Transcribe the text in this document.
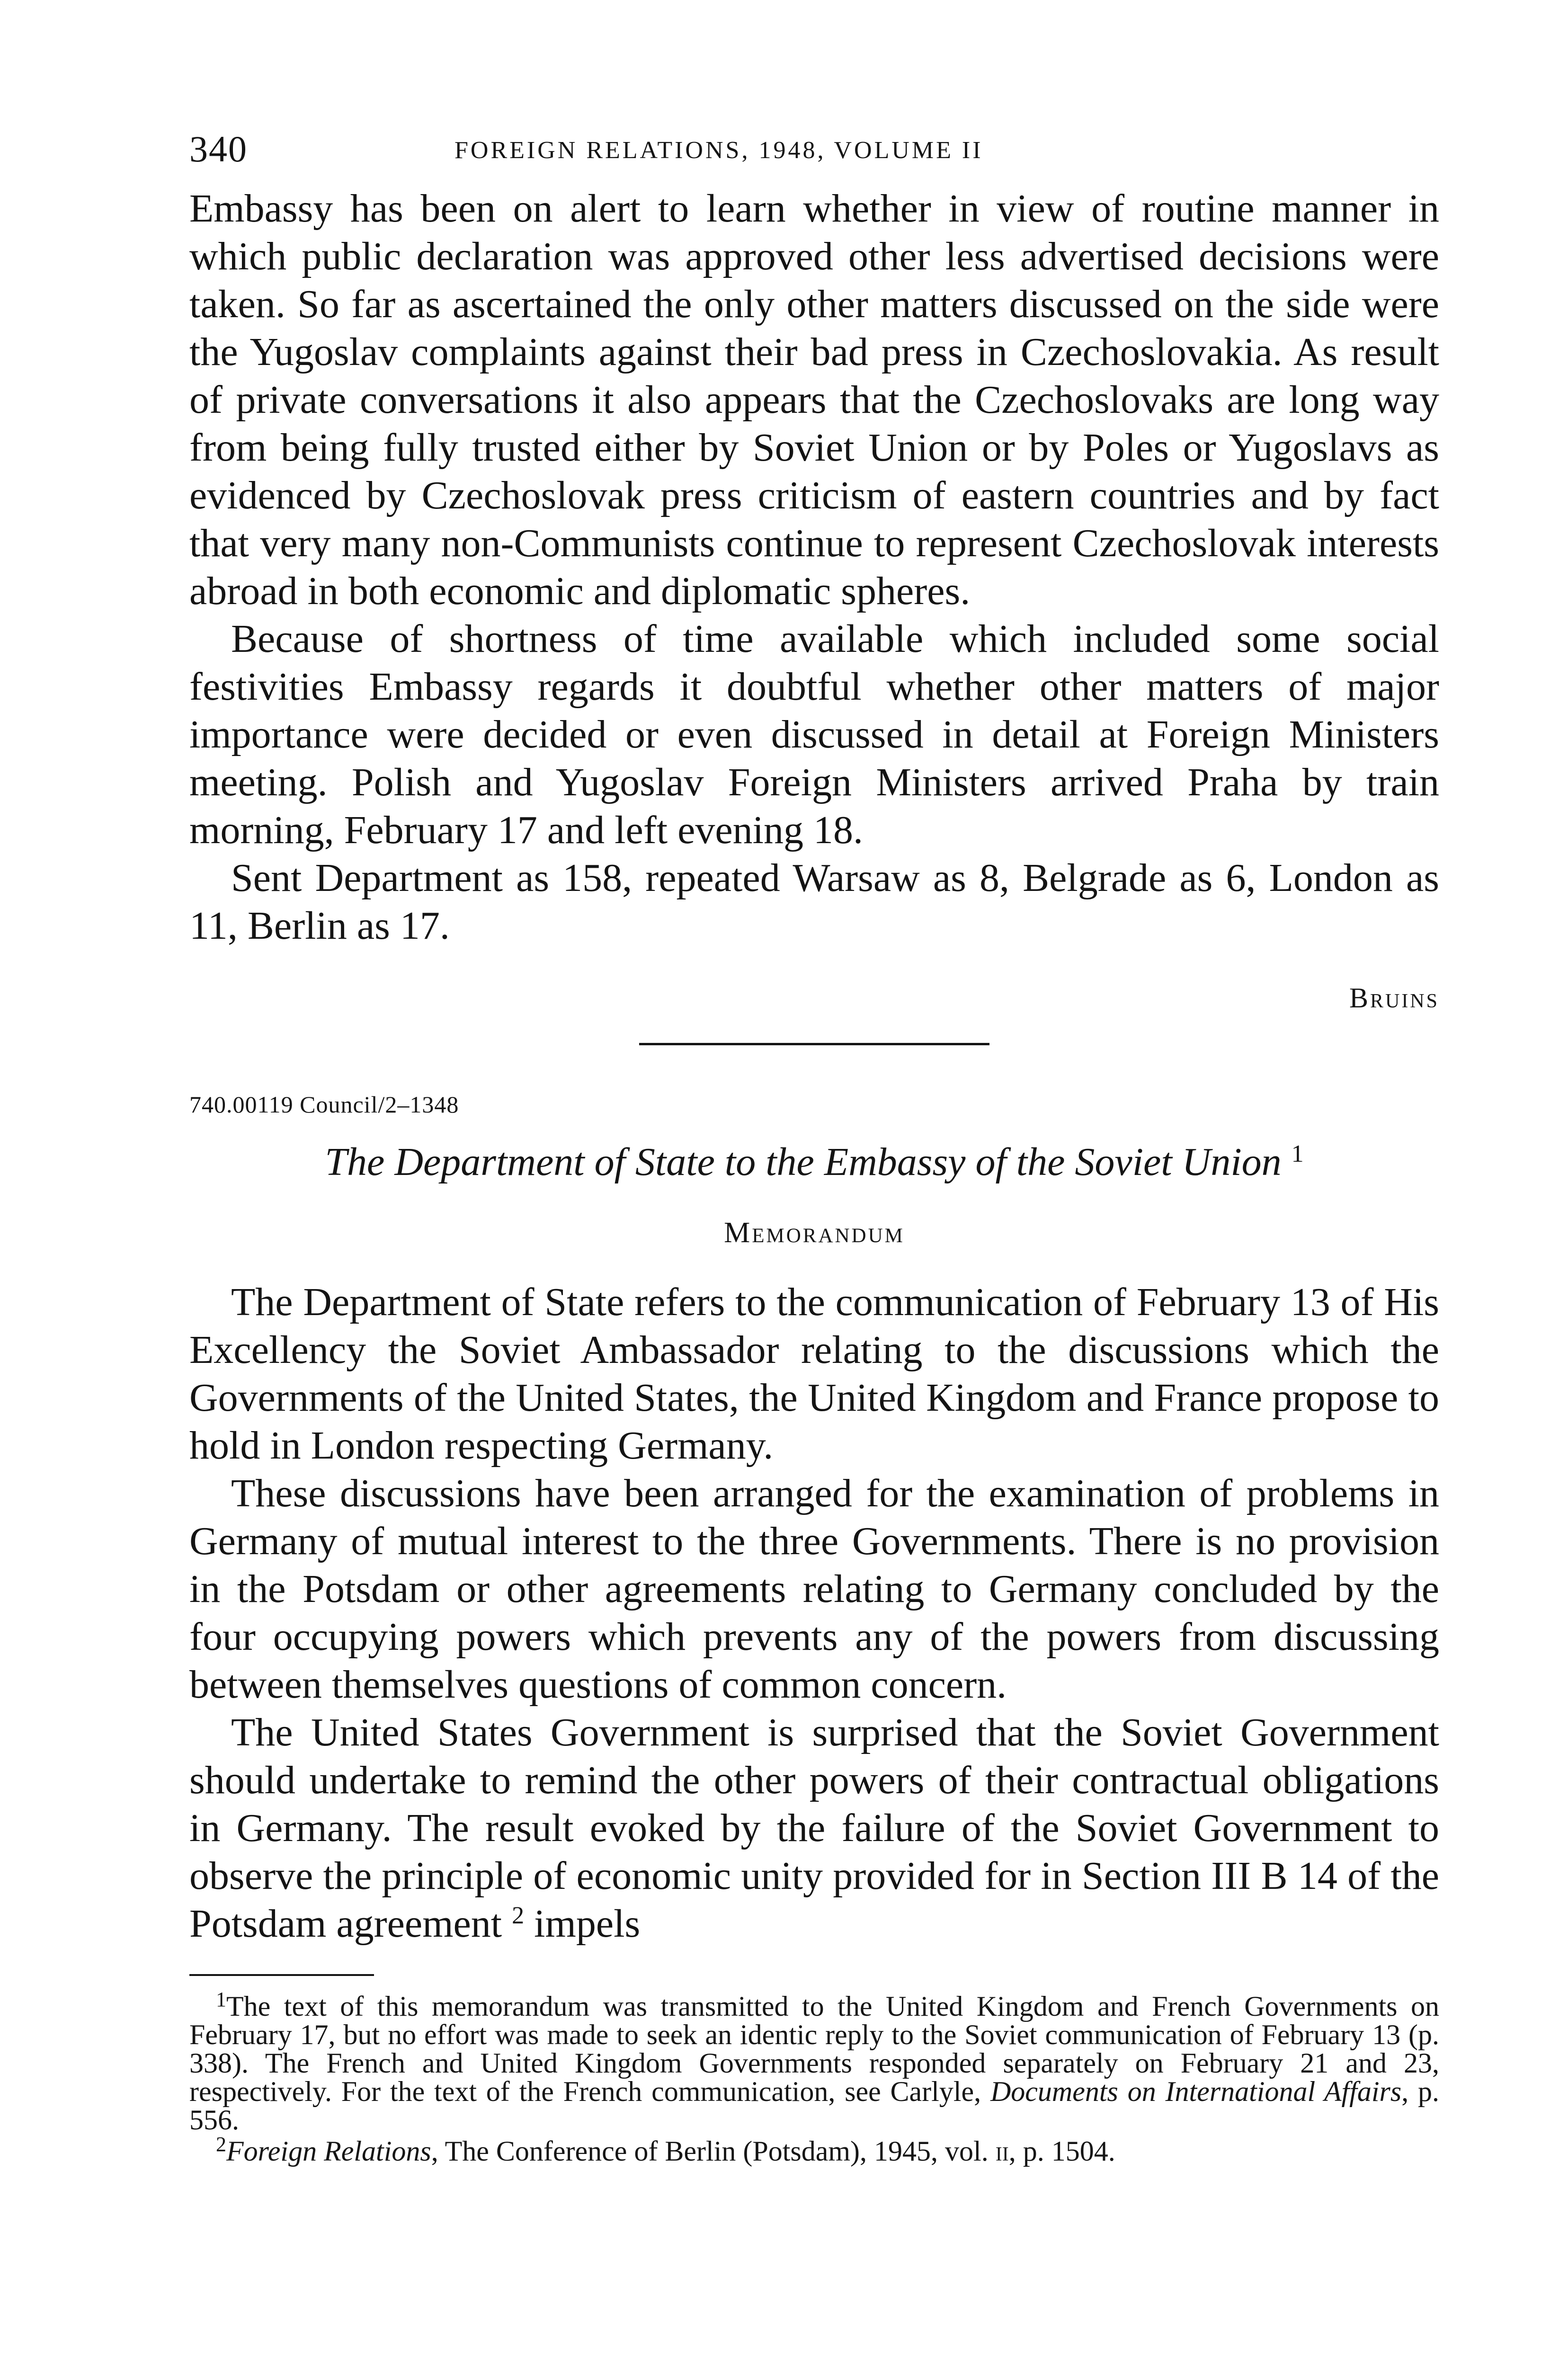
340	FOREIGN RELATIONS, 1948, VOLUME II

Embassy has been on alert to learn whether in view of routine manner in which public declaration was approved other less advertised decisions were taken. So far as ascertained the only other matters discussed on the side were the Yugoslav complaints against their bad press in Czechoslovakia. As result of private conversations it also appears that the Czechoslovaks are long way from being fully trusted either by Soviet Union or by Poles or Yugoslavs as evidenced by Czechoslovak press criticism of eastern countries and by fact that very many non-Communists continue to represent Czechoslovak interests abroad in both economic and diplomatic spheres.

Because of shortness of time available which included some social festivities Embassy regards it doubtful whether other matters of major importance were decided or even discussed in detail at Foreign Ministers meeting. Polish and Yugoslav Foreign Ministers arrived Praha by train morning, February 17 and left evening 18.

Sent Department as 158, repeated Warsaw as 8, Belgrade as 6, London as 11, Berlin as 17.

Bruins
740.00119 Council/2–1348
The Department of State to the Embassy of the Soviet Union $^1$
Memorandum

The Department of State refers to the communication of February 13 of His Excellency the Soviet Ambassador relating to the discussions which the Governments of the United States, the United Kingdom and France propose to hold in London respecting Germany.

These discussions have been arranged for the examination of problems in Germany of mutual interest to the three Governments. There is no provision in the Potsdam or other agreements relating to Germany concluded by the four occupying powers which prevents any of the powers from discussing between themselves questions of common concern.

The United States Government is surprised that the Soviet Government should undertake to remind the other powers of their contractual obligations in Germany. The result evoked by the failure of the Soviet Government to observe the principle of economic unity provided for in Section III B 14 of the Potsdam agreement $^2$ impels

$^1$The text of this memorandum was transmitted to the United Kingdom and French Governments on February 17, but no effort was made to seek an identic reply to the Soviet communication of February 13 (p. 338). The French and United Kingdom Governments responded separately on February 21 and 23, respectively. For the text of the French communication, see Carlyle, Documents on International Affairs, p. 556.

$^2$Foreign Relations, The Conference of Berlin (Potsdam), 1945, vol. ii, p. 1504.
